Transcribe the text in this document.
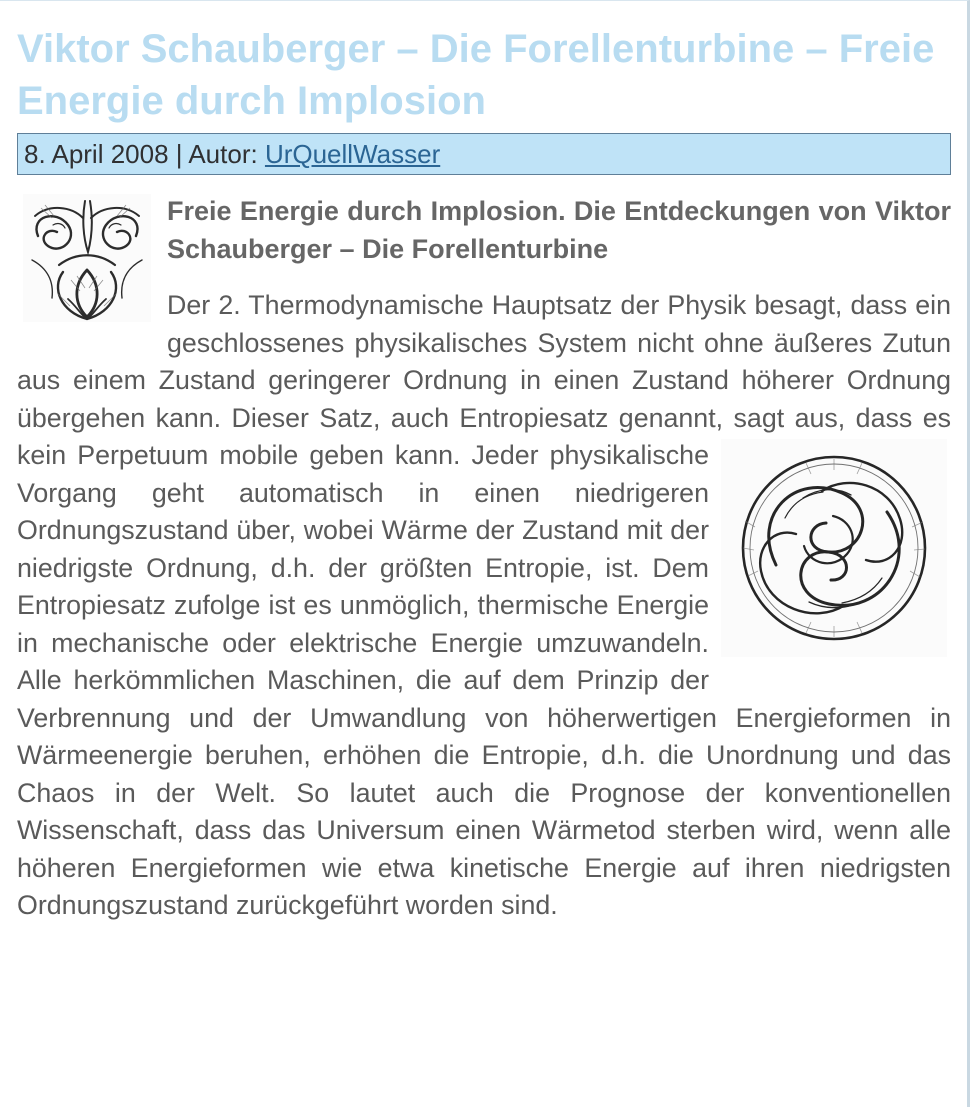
Viktor Schauberger – Die Forellenturbine – Freie Energie durch Implosion
8. April 2008 | Autor: UrQuellWasser

Freie Energie durch Implosion. Die Entdeckungen von Viktor Schauberger – Die Forellenturbine

Der 2. Thermodynamische Hauptsatz der Physik besagt, dass ein geschlossenes physikalisches System nicht ohne äußeres Zutun aus einem Zustand geringerer Ordnung in einen Zustand höherer Ordnung übergehen kann. Dieser Satz, auch Entropiesatz genannt, sagt aus, dass es kein Perpetuum mobile geben kann.
Jeder physikalische Vorgang geht automatisch in einen niedrigeren Ordnungszustand über, wobei Wärme der Zustand mit der niedrigste Ordnung, d.h. der größten Entropie, ist. Dem Entropiesatz zufolge ist es unmöglich, thermische Energie in mechanische oder elektrische Energie umzuwandeln. Alle herkömmlichen Maschinen, die auf dem Prinzip der Verbrennung und der Umwandlung von höherwertigen Energieformen in Wärmeenergie beruhen, erhöhen die Entropie, d.h. die Unordnung und das Chaos in der Welt. So lautet auch die Prognose der konventionellen Wissenschaft, dass das Universum einen Wärmetod sterben wird, wenn alle höheren Energieformen wie etwa kinetische Energie auf ihren niedrigsten Ordnungszustand zurückgeführt worden sind.
